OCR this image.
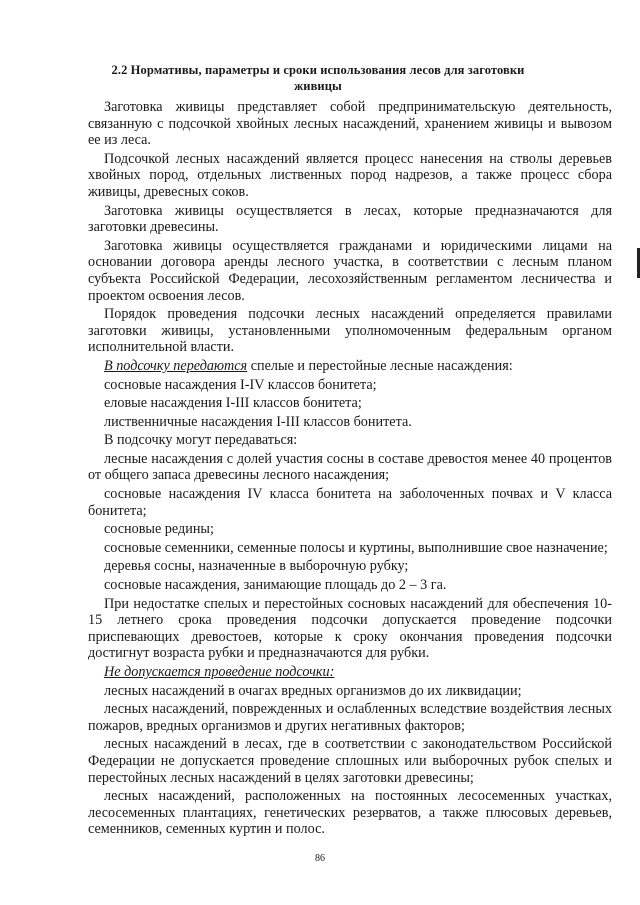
2.2 Нормативы, параметры и сроки использования лесов для заготовки
живицы

Заготовка живицы представляет собой предпринимательскую деятельность, связанную с подсочкой хвойных лесных насаждений, хранением живицы и вывозом ее из леса.

Подсочкой лесных насаждений является процесс нанесения на стволы деревьев хвойных пород, отдельных лиственных пород надрезов, а также процесс сбора живицы, древесных соков.

Заготовка живицы осуществляется в лесах, которые предназначаются для заготовки древесины.

Заготовка живицы осуществляется гражданами и юридическими лицами на основании договора аренды лесного участка, в соответствии с лесным планом субъекта Российской Федерации, лесохозяйственным регламентом лесничества и проектом освоения лесов.

Порядок проведения подсочки лесных насаждений определяется правилами заготовки живицы, установленными уполномоченным федеральным органом исполнительной власти.

В подсочку передаются спелые и перестойные лесные насаждения:

сосновые насаждения I-IV классов бонитета;

еловые насаждения I-III классов бонитета;

лиственничные насаждения I-III классов бонитета.

В подсочку могут передаваться:

лесные насаждения с долей участия сосны в составе древостоя менее 40 процентов от общего запаса древесины лесного насаждения;

сосновые насаждения IV класса бонитета на заболоченных почвах и V класса бонитета;

сосновые редины;

сосновые семенники, семенные полосы и куртины, выполнившие свое назначение;

деревья сосны, назначенные в выборочную рубку;

сосновые насаждения, занимающие площадь до 2 – 3 га.

При недостатке спелых и перестойных сосновых насаждений для обеспечения 10-15 летнего срока проведения подсочки допускается проведение подсочки приспевающих древостоев, которые к сроку окончания проведения подсочки достигнут возраста рубки и предназначаются для рубки.

Не допускается проведение подсочки:

лесных насаждений в очагах вредных организмов до их ликвидации;

лесных насаждений, поврежденных и ослабленных вследствие воздействия лесных пожаров, вредных организмов и других негативных факторов;

лесных насаждений в лесах, где в соответствии с законодательством Российской Федерации не допускается проведение сплошных или выборочных рубок спелых и перестойных лесных насаждений в целях заготовки древесины;

лесных насаждений, расположенных на постоянных лесосеменных участках, лесосеменных плантациях, генетических резерватов, а также плюсовых деревьев, семенников, семенных куртин и полос.

86
